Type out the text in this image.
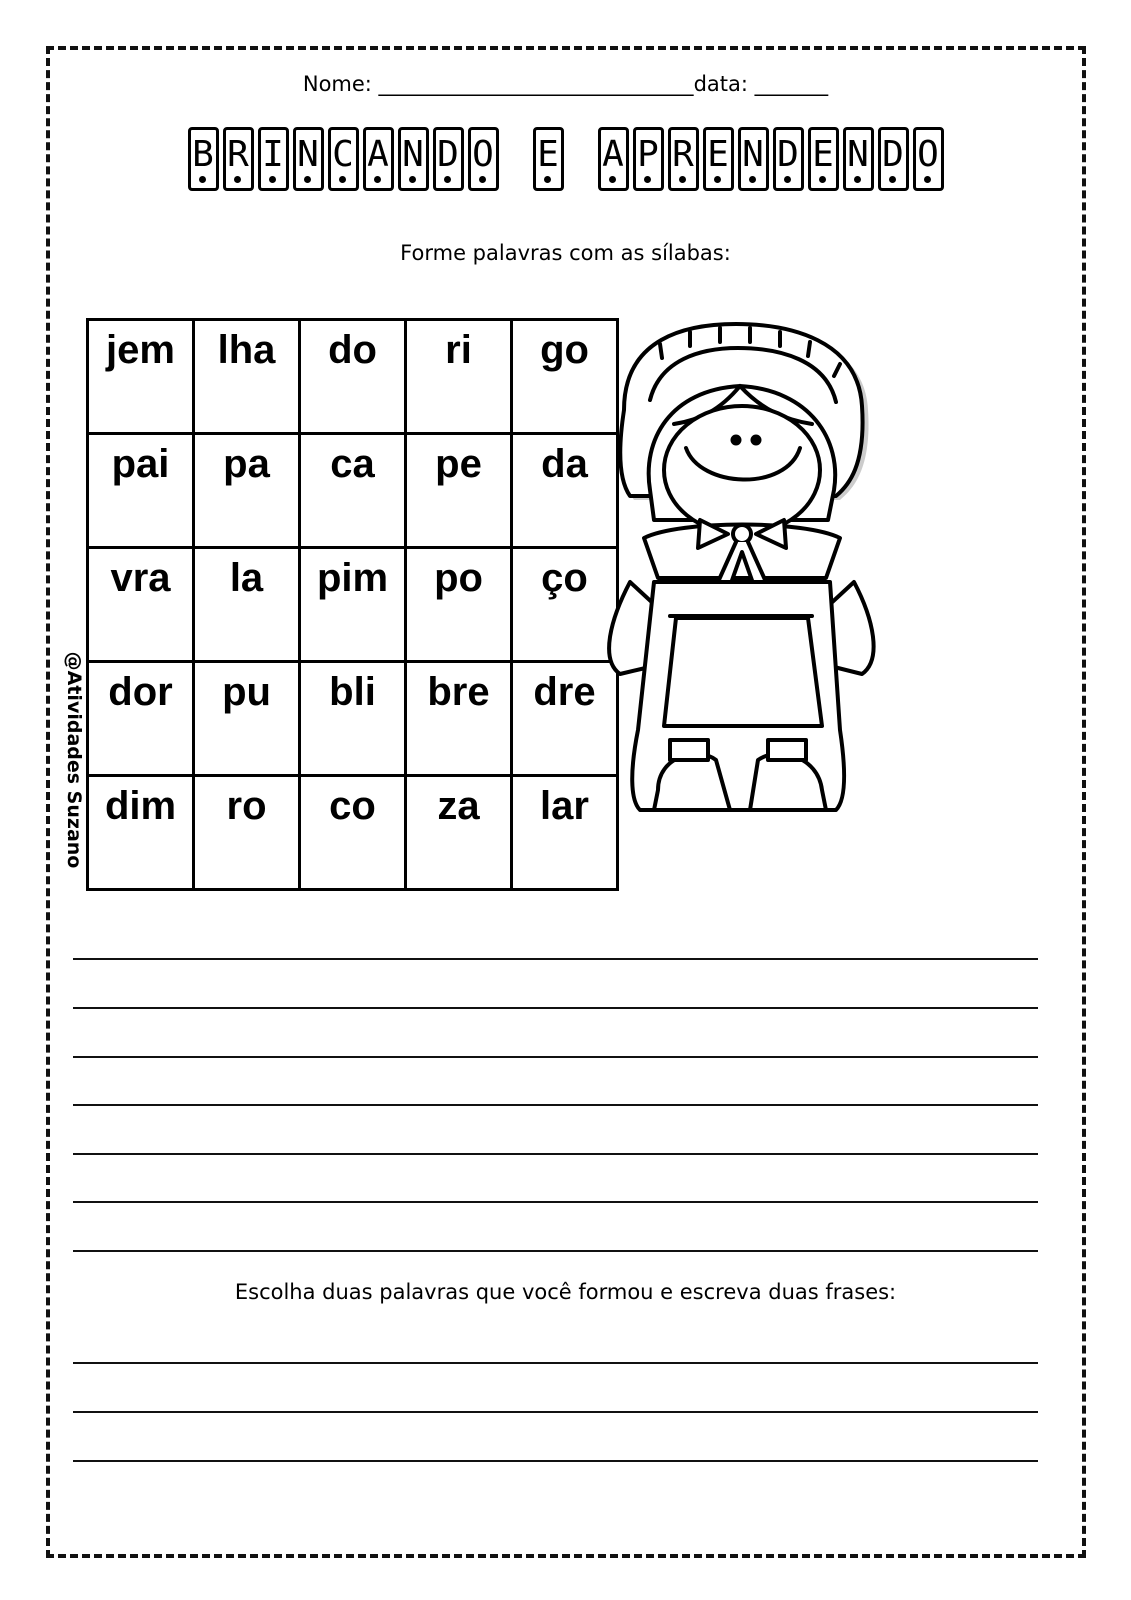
Nome: ______________________________data: _______
B R I N C A N D O E A P R E N D E N D O
Forme palavras com as sílabas:
jem	lha	do	ri	go

pai	pa	ca	pe	da

vra	la	pim	po	ço

dor	pu	bli	bre	dre

dim	ro	co	za	lar
@Atividades Suzano
Escolha duas palavras que você formou e escreva duas frases:
